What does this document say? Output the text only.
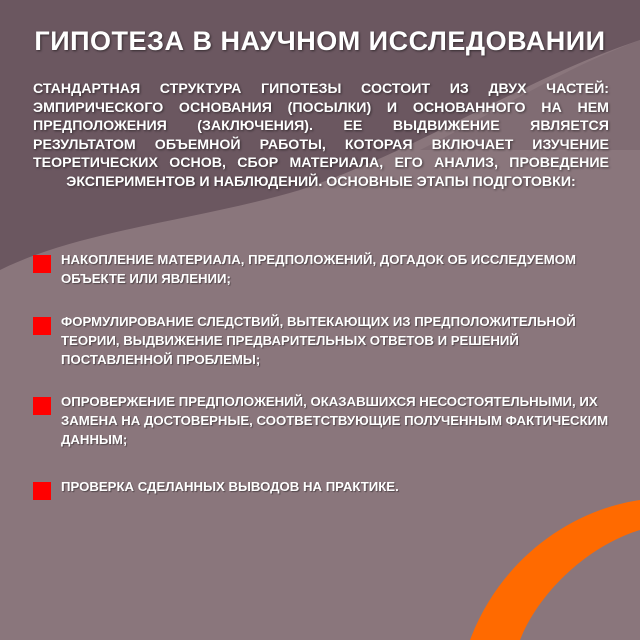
ГИПОТЕЗА В НАУЧНОМ ИССЛЕДОВАНИИ
СТАНДАРТНАЯ СТРУКТУРА ГИПОТЕЗЫ СОСТОИТ ИЗ ДВУХ ЧАСТЕЙ: ЭМПИРИЧЕСКОГО ОСНОВАНИЯ (ПОСЫЛКИ) И ОСНОВАННОГО НА НЕМ ПРЕДПОЛОЖЕНИЯ (ЗАКЛЮЧЕНИЯ). ЕЕ ВЫДВИЖЕНИЕ ЯВЛЯЕТСЯ РЕЗУЛЬТАТОМ ОБЪЕМНОЙ РАБОТЫ, КОТОРАЯ ВКЛЮЧАЕТ ИЗУЧЕНИЕ ТЕОРЕТИЧЕСКИХ ОСНОВ, СБОР МАТЕРИАЛА, ЕГО АНАЛИЗ, ПРОВЕДЕНИЕ ЭКСПЕРИМЕНТОВ И НАБЛЮДЕНИЙ. ОСНОВНЫЕ ЭТАПЫ ПОДГОТОВКИ:
НАКОПЛЕНИЕ МАТЕРИАЛА, ПРЕДПОЛОЖЕНИЙ, ДОГАДОК ОБ ИССЛЕДУЕМОМ ОБЪЕКТЕ ИЛИ ЯВЛЕНИИ;
ФОРМУЛИРОВАНИЕ СЛЕДСТВИЙ, ВЫТЕКАЮЩИХ ИЗ ПРЕДПОЛОЖИТЕЛЬНОЙ ТЕОРИИ, ВЫДВИЖЕНИЕ ПРЕДВАРИТЕЛЬНЫХ ОТВЕТОВ И РЕШЕНИЙ ПОСТАВЛЕННОЙ ПРОБЛЕМЫ;
ОПРОВЕРЖЕНИЕ ПРЕДПОЛОЖЕНИЙ, ОКАЗАВШИХСЯ НЕСОСТОЯТЕЛЬНЫМИ, ИХ ЗАМЕНА НА ДОСТОВЕРНЫЕ, СООТВЕТСТВУЮЩИЕ ПОЛУЧЕННЫМ ФАКТИЧЕСКИМ ДАННЫМ;
ПРОВЕРКА СДЕЛАННЫХ ВЫВОДОВ НА ПРАКТИКЕ.
